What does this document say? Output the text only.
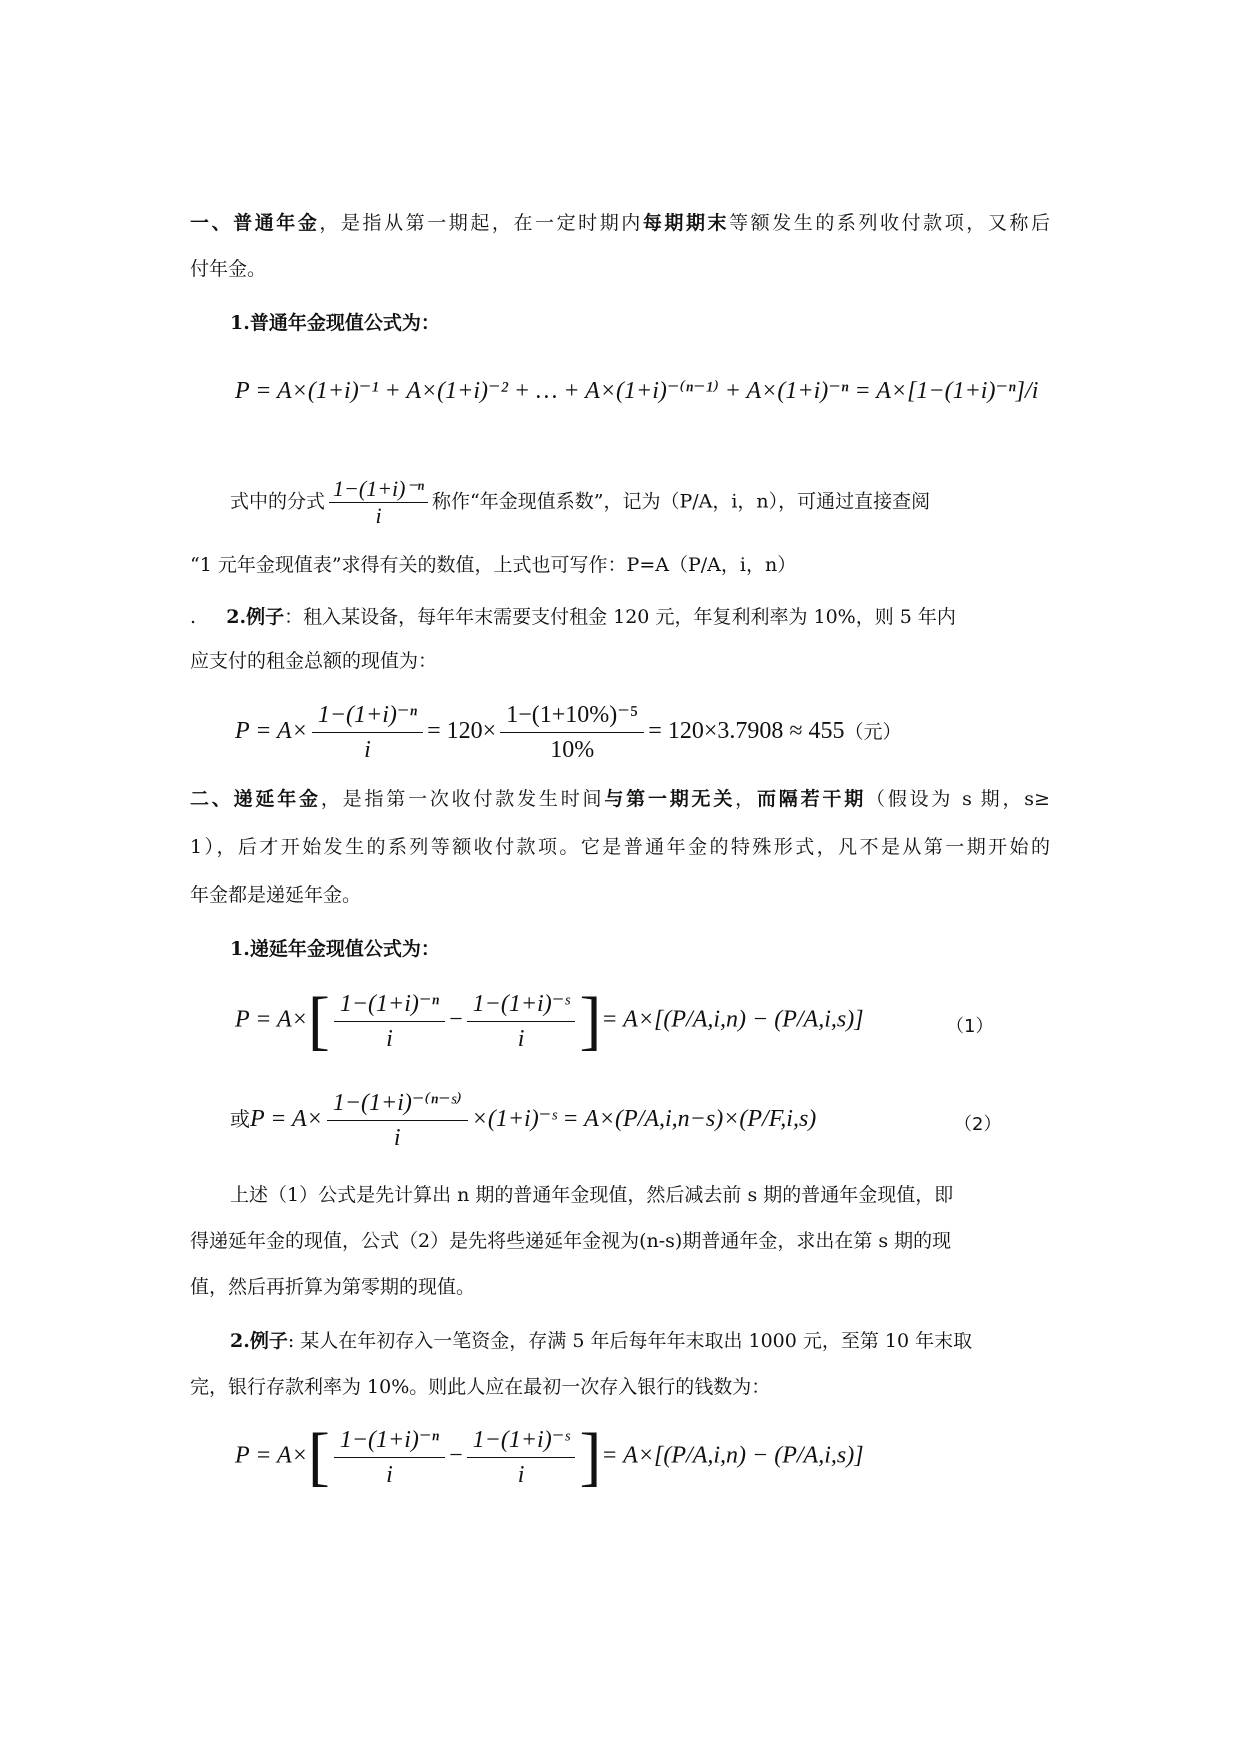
一、普通年金，是指从第一期起，在一定时期内每期期末等额发生的系列收付款项，又称后
付年金。
1.普通年金现值公式为：
P = A×(1+i)⁻¹ + A×(1+i)⁻² + … + A×(1+i)⁻⁽ⁿ⁻¹⁾ + A×(1+i)⁻ⁿ = A×[1−(1+i)⁻ⁿ]/i
式中的分式 $\frac{\text{1−(1+i)⁻ⁿ}}{i}$ 称作“年金现值系数”，记为（P/A，i，n），可通过直接查阅
“1 元年金现值表”求得有关的数值，上式也可写作：P=A（P/A，i，n）
. 2.例子：租入某设备，每年年末需要支付租金 120 元，年复利利率为 10%，则 5 年内
应支付的租金总额的现值为：
$P = A\times \frac{\text{1−(1+i)⁻ⁿ}}{i} = 120\times \frac{\text{1−(1+10\%)⁻⁵}}{10\%} = 120\times 3.7908 \approx 455$（元）
二、递延年金，是指第一次收付款发生时间与第一期无关，而隔若干期（假设为 s 期，s≥
1），后才开始发生的系列等额收付款项。它是普通年金的特殊形式，凡不是从第一期开始的
年金都是递延年金。
1.递延年金现值公式为：
$P = A\times[ \frac{\text{1−(1+i)⁻ⁿ}}{i} - \frac{\text{1−(1+i)⁻ˢ}}{i}$ ]= A×[(P/A,i,n) − (P/A,i,s)]	（1）
或$P = A\times \frac{\text{1−(1+i)⁻⁽ⁿ⁻ˢ⁾}}{i}$ ×(1+i)⁻ˢ = A×(P/A,i,n−s)×(P/F,i,s)	（2）
上述（1）公式是先计算出 n 期的普通年金现值，然后减去前 s 期的普通年金现值，即
得递延年金的现值，公式（2）是先将些递延年金视为(n-s)期普通年金，求出在第 s 期的现
值，然后再折算为第零期的现值。
2.例子: 某人在年初存入一笔资金，存满 5 年后每年年末取出 1000 元，至第 10 年末取
完，银行存款利率为 10%。则此人应在最初一次存入银行的钱数为：
$P = A\times[ \frac{\text{1−(1+i)⁻ⁿ}}{i} - \frac{\text{1−(1+i)⁻ˢ}}{i}$ ]= A×[(P/A,i,n) − (P/A,i,s)]
